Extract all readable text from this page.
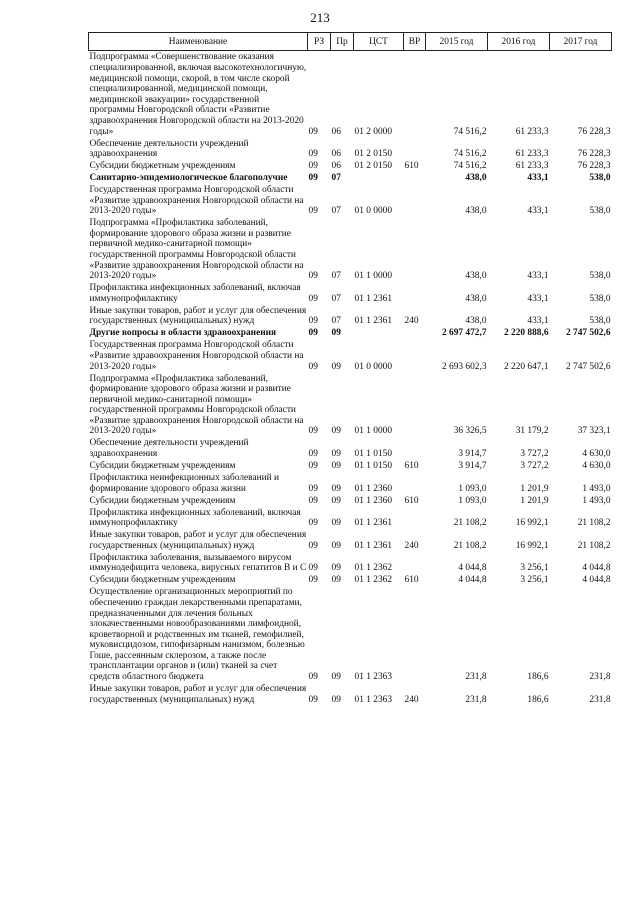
213
Наименование	РЗ	Пр	ЦСТ	ВР	2015 год	2016 год	2017 год
Подпрограмма «Совершенствование оказания специализированной, включая высокотехнологичную, медицинской помощи, скорой, в том числе скорой специализированной, медицинской помощи, медицинской эвакуации» государственной программы Новгородской области «Развитие здравоохранения Новгородской области на 2013-2020 годы»	09	06	01 2 0000		74 516,2	61 233,3	76 228,3
Обеспечение деятельности учреждений здравоохранения	09	06	01 2 0150		74 516,2	61 233,3	76 228,3
Субсидии бюджетным учреждениям	09	06	01 2 0150	610	74 516,2	61 233,3	76 228,3
Санитарно-эпидемиологическое благополучие	09	07			438,0	433,1	538,0
Государственная программа Новгородской области «Развитие здравоохранения Новгородской области на 2013-2020 годы»	09	07	01 0 0000		438,0	433,1	538,0
Подпрограмма «Профилактика заболеваний, формирование здорового образа жизни и развитие первичной медико-санитарной помощи» государственной программы Новгородской области «Развитие здравоохранения Новгородской области на 2013-2020 годы»	09	07	01 1 0000		438,0	433,1	538,0
Профилактика инфекционных заболеваний, включая иммунопрофилактику	09	07	01 1 2361		438,0	433,1	538,0
Иные закупки товаров, работ и услуг для обеспечения государственных (муниципальных) нужд	09	07	01 1 2361	240	438,0	433,1	538,0
Другие вопросы в области здравоохранения	09	09			2 697 472,7	2 220 888,6	2 747 502,6
Государственная программа Новгородской области «Развитие здравоохранения Новгородской области на 2013-2020 годы»	09	09	01 0 0000		2 693 602,3	2 220 647,1	2 747 502,6
Подпрограмма «Профилактика заболеваний, формирование здорового образа жизни и развитие первичной медико-санитарной помощи» государственной программы Новгородской области «Развитие здравоохранения Новгородской области на 2013-2020 годы»	09	09	01 1 0000		36 326,5	31 179,2	37 323,1
Обеспечение деятельности учреждений здравоохранения	09	09	01 1 0150		3 914,7	3 727,2	4 630,0
Субсидии бюджетным учреждениям	09	09	01 1 0150	610	3 914,7	3 727,2	4 630,0
Профилактика неинфекционных заболеваний и формирование здорового образа жизни	09	09	01 1 2360		1 093,0	1 201,9	1 493,0
Субсидии бюджетным учреждениям	09	09	01 1 2360	610	1 093,0	1 201,9	1 493,0
Профилактика инфекционных заболеваний, включая иммунопрофилактику	09	09	01 1 2361		21 108,2	16 992,1	21 108,2
Иные закупки товаров, работ и услуг для обеспечения государственных (муниципальных) нужд	09	09	01 1 2361	240	21 108,2	16 992,1	21 108,2
Профилактика заболевания, вызываемого вирусом иммунодефицита человека, вирусных гепатитов В и С	09	09	01 1 2362		4 044,8	3 256,1	4 044,8
Субсидии бюджетным учреждениям	09	09	01 1 2362	610	4 044,8	3 256,1	4 044,8
Осуществление организационных мероприятий по обеспечению граждан лекарственными препаратами, предназначенными для лечения больных злокачественными новообразованиями лимфоидной, кроветворной и родственных им тканей, гемофилией, муковисцидозом, гипофизарным нанизмом, болезнью Гоше, рассеянным склерозом, а также после трансплантации органов и (или) тканей за счет средств областного бюджета	09	09	01 1 2363		231,8	186,6	231,8
Иные закупки товаров, работ и услуг для обеспечения государственных (муниципальных) нужд	09	09	01 1 2363	240	231,8	186,6	231,8
